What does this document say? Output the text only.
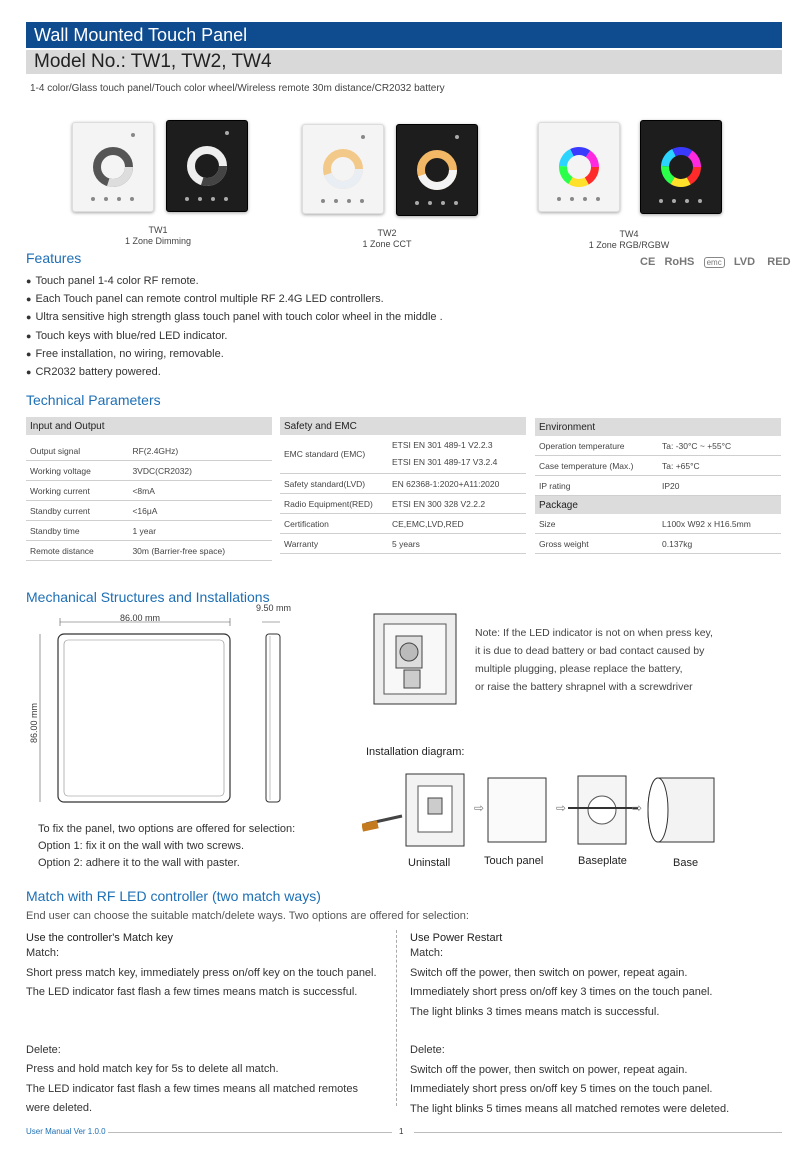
Wall Mounted Touch Panel
Model No.: TW1, TW2, TW4
1-4 color/Glass touch panel/Touch color wheel/Wireless remote 30m distance/CR2032 battery
TW1
1 Zone Dimming
TW2
1 Zone CCT
TW4
1 Zone RGB/RGBW
CE RoHS emc LVD RED
Features
● Touch panel 1-4 color RF remote.
● Each Touch panel can remote control multiple RF 2.4G LED controllers.
● Ultra sensitive high strength glass touch panel with touch color wheel in the middle .
● Touch keys with blue/red LED indicator.
● Free installation, no wiring, removable.
● CR2032 battery powered.
Technical Parameters
Input and Output	

Output signal	RF(2.4GHz)
Working voltage	3VDC(CR2032)
Working current	<8mA
Standby current	<16μA
Standby time	1 year
Remote distance	30m (Barrier-free space)
Safety and EMC	
EMC standard (EMC)	ETSI EN 301 489-1 V2.2.3
ETSI EN 301 489-17 V3.2.4

Safety standard(LVD)	EN 62368-1:2020+A11:2020
Radio Equipment(RED)	ETSI EN 300 328 V2.2.2
Certification	CE,EMC,LVD,RED
Warranty	5 years
Environment	
Operation temperature	Ta: -30°C ~ +55°C
Case temperature (Max.)	Ta: +65°C
IP rating	IP20
Package	
Size	L100x W92 x H16.5mm
Gross weight	0.137kg
Mechanical Structures and Installations
86.00 mm
9.50 mm
86.00 mm
Note: If the LED indicator is not on when press key,
it is due to dead battery or bad contact caused by
multiple plugging, please replace the battery,
or raise the battery shrapnel with a screwdriver
Installation diagram:
⇨	⇨	⇨
Uninstall	Touch panel	Baseplate	Base
To fix the panel, two options are offered for selection:
Option 1: fix it on the wall with two screws.
Option 2: adhere it to the wall with paster.
Match with RF LED controller (two match ways)
End user can choose the suitable match/delete ways. Two options are offered for selection:
Use the controller's Match key
Match:
Short press match key, immediately press on/off key on the touch panel.
The LED indicator fast flash a few times means match is successful.
Delete:
Press and hold match key for 5s to delete all match.
The LED indicator fast flash a few times means all matched remotes
were deleted.
Use Power Restart
Match:
Switch off the power, then switch on power, repeat again.
Immediately short press on/off key 3 times on the touch panel.
The light blinks 3 times means match is successful.
Delete:
Switch off the power, then switch on power, repeat again.
Immediately short press on/off key 5 times on the touch panel.
The light blinks 5 times means all matched remotes were deleted.
User Manual Ver 1.0.0	1
